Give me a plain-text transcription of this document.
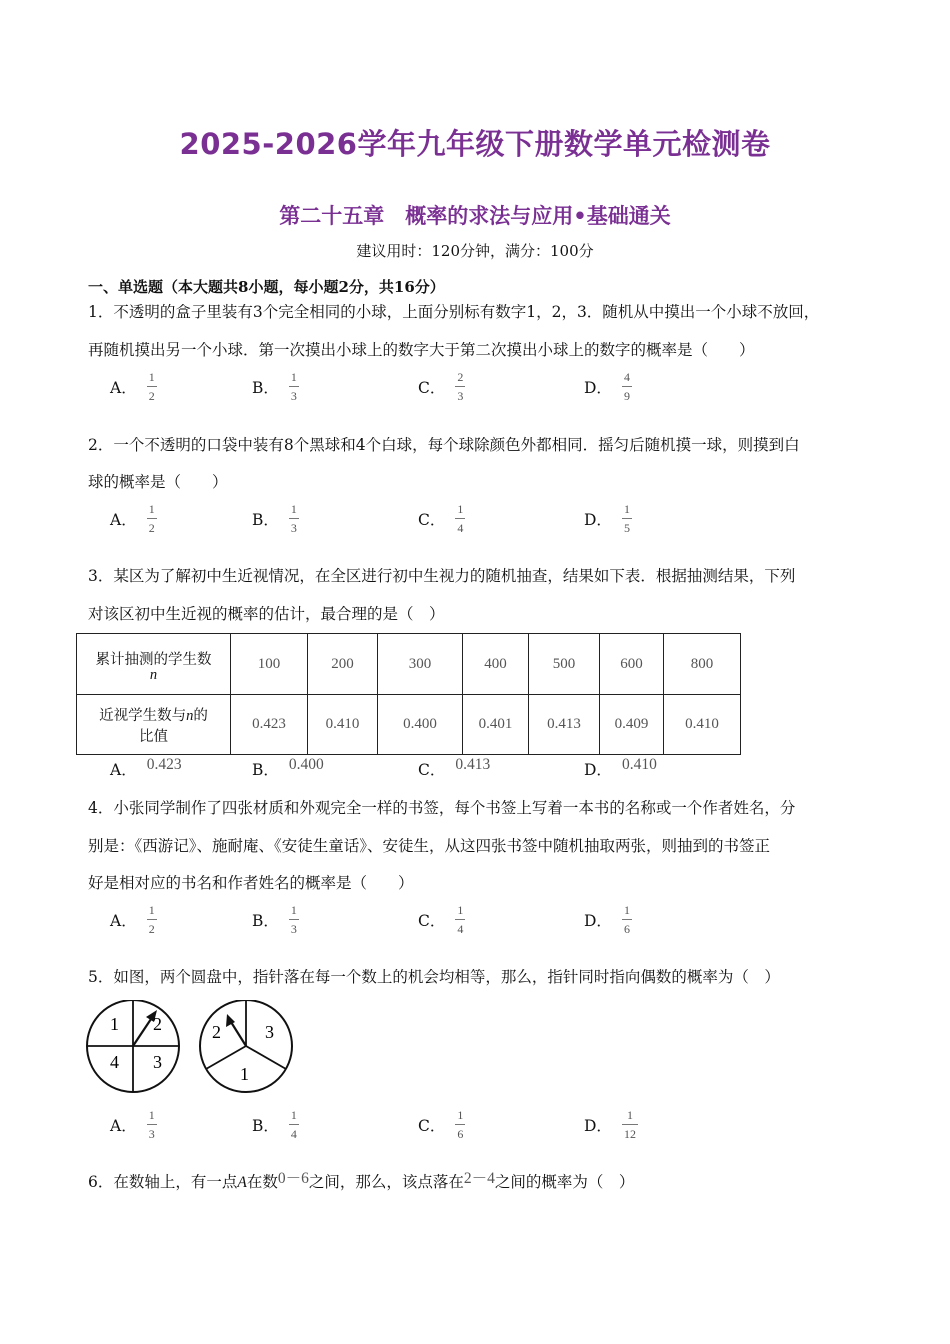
2025-2026学年九年级下册数学单元检测卷
第二十五章　概率的求法与应用•基础通关
建议用时：120分钟，满分：100分
一、单选题（本大题共8小题，每小题2分，共16分）
1．不透明的盒子里装有3个完全相同的小球，上面分别标有数字1，2，3．随机从中摸出一个小球不放回，
再随机摸出另一个小球．第一次摸出小球上的数字大于第二次摸出小球上的数字的概率是（　　）
A． $\frac{1}{2}$	B． $\frac{1}{3}$	C． $\frac{2}{3}$	D． $\frac{4}{9}$
2．一个不透明的口袋中装有8个黑球和4个白球，每个球除颜色外都相同．摇匀后随机摸一球，则摸到白
球的概率是（　　）
A． $\frac{1}{2}$	B． $\frac{1}{3}$	C． $\frac{1}{4}$	D． $\frac{1}{5}$
3．某区为了解初中生近视情况，在全区进行初中生视力的随机抽查，结果如下表．根据抽测结果，下列
对该区初中生近视的概率的估计，最合理的是（　）
累计抽测的学生数
n	100	200	300	400	500	600	800

近视学生数与n的
比值	0.423	0.410	0.400	0.401	0.413	0.409	0.410
A． 0.423	B． 0.400	C． 0.413	D． 0.410
4．小张同学制作了四张材质和外观完全一样的书签，每个书签上写着一本书的名称或一个作者姓名，分
别是：《西游记》、施耐庵、《安徒生童话》、安徒生，从这四张书签中随机抽取两张，则抽到的书签正
好是相对应的书名和作者姓名的概率是（　　）
A． $\frac{1}{2}$	B． $\frac{1}{3}$	C． $\frac{1}{4}$	D． $\frac{1}{6}$
5．如图，两个圆盘中，指针落在每一个数上的机会均相等，那么，指针同时指向偶数的概率为（　）
1 2
4 3
2 3
1
A． $\frac{1}{3}$	B． $\frac{1}{4}$	C． $\frac{1}{6}$	D． $\frac{1}{12}$
6．在数轴上，有一点A在数0－6之间，那么，该点落在2－4之间的概率为（　）
